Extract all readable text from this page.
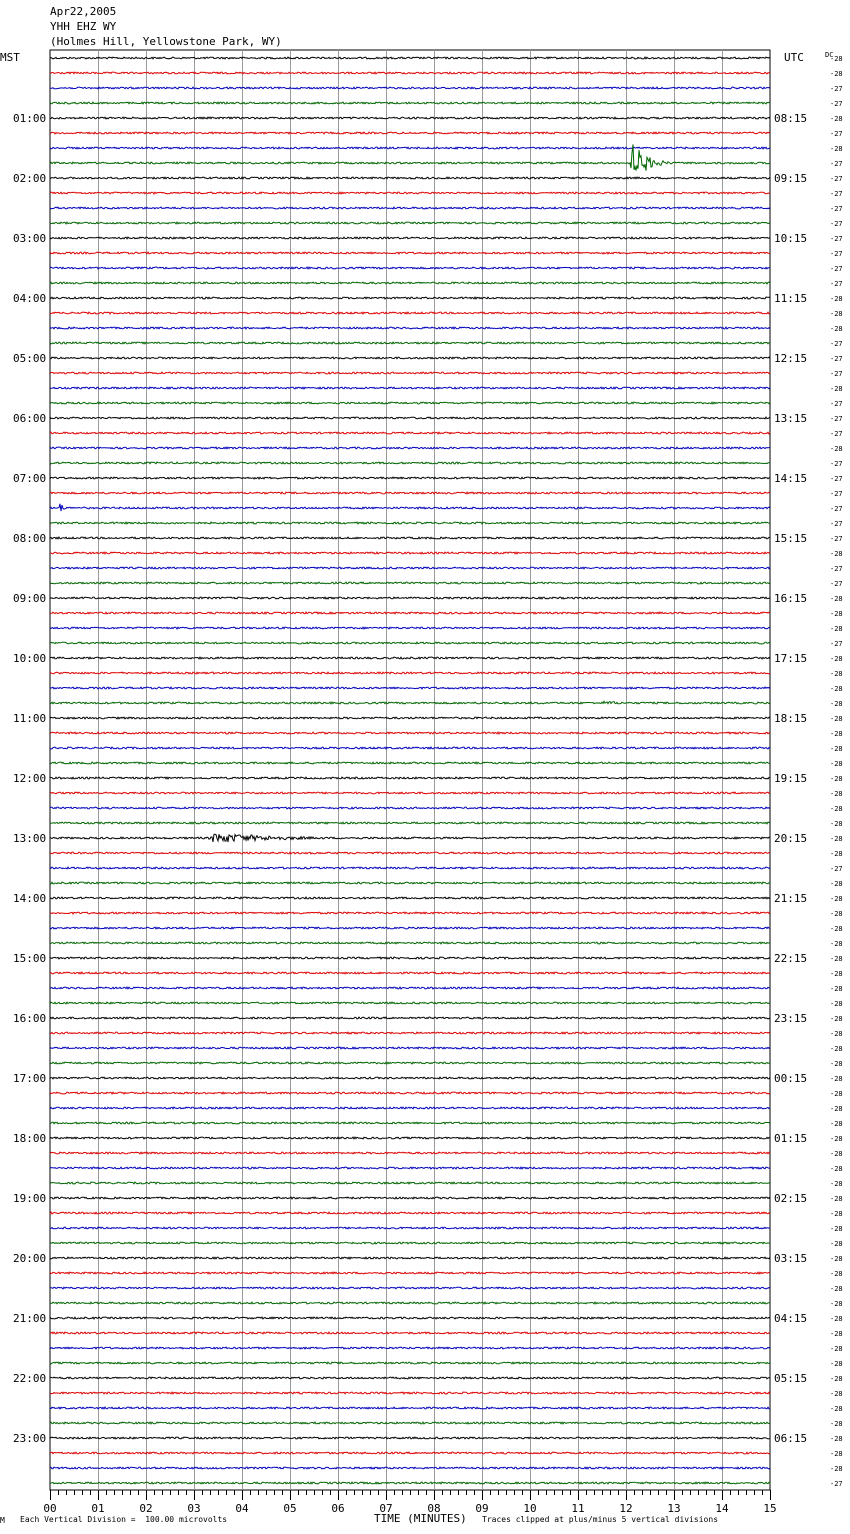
Apr22,2005
YHH EHZ WY
(Holmes Hill, Yellowstone Park, WY)
MST	UTC	DC
01:00
02:00
03:00
04:00
05:00
06:00
07:00
08:00
09:00
10:00
11:00
12:00
13:00
14:00
15:00
16:00
17:00
18:00
19:00
20:00
21:00
22:00
23:00
08:15
09:15
10:15
11:15
12:15
13:15
14:15
15:15
16:15
17:15
18:15
19:15
20:15
21:15
22:15
23:15
00:15
01:15
02:15
03:15
04:15
05:15
06:15
-28
-28
-27
-27
-28
-27
-28
-27
-27
-27
-27
-27
-27
-27
-27
-27
-28
-28
-28
-27
-27
-27
-28
-27
-27
-27
-28
-27
-27
-27
-27
-27
-27
-28
-27
-27
-28
-28
-28
-27
-28
-28
-28
-28
-28
-28
-28
-28
-28
-28
-28
-28
-28
-28
-27
-28
-28
-28
-28
-28
-28
-28
-28
-28
-28
-28
-28
-28
-28
-28
-28
-28
-28
-28
-28
-28
-28
-28
-28
-28
-28
-28
-28
-28
-28
-28
-28
-28
-28
-28
-28
-28
-28
-28
-28
-27
00	01	02	03	04	05	06	07	08	09	10	11	12	13	14	15
M Each Vertical Division =  100.00 microvolts	TIME (MINUTES) Traces clipped at plus/minus 5 vertical divisions
